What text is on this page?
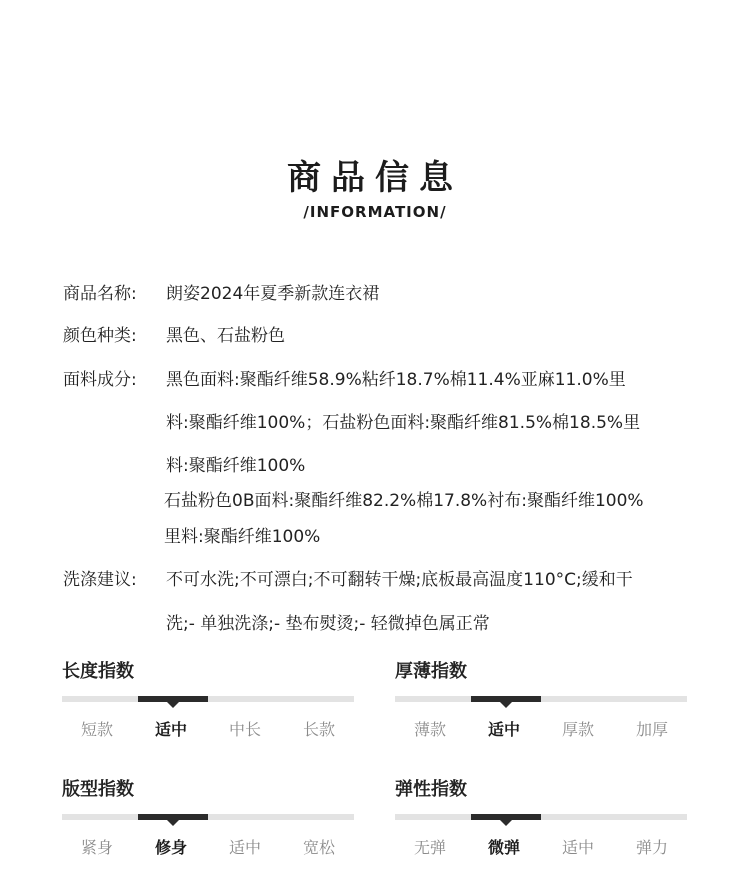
商品信息
/INFORMATION/
商品名称: 朗姿2024年夏季新款连衣裙
颜色种类: 黑色、石盐粉色
面料成分: 黑色面料:聚酯纤维58.9%粘纤18.7%棉11.4%亚麻11.0%里
料:聚酯纤维100%；石盐粉色面料:聚酯纤维81.5%棉18.5%里
料:聚酯纤维100%
石盐粉色0B面料:聚酯纤维82.2%棉17.8%衬布:聚酯纤维100%
里料:聚酯纤维100%
洗涤建议: 不可水洗;不可漂白;不可翻转干燥;底板最高温度110°C;缓和干
洗;- 单独洗涤;- 垫布熨烫;- 轻微掉色属正常
长度指数
短款	适中	中长	长款
厚薄指数
薄款	适中	厚款	加厚
版型指数
紧身	修身	适中	宽松
弹性指数
无弹	微弹	适中	弹力
